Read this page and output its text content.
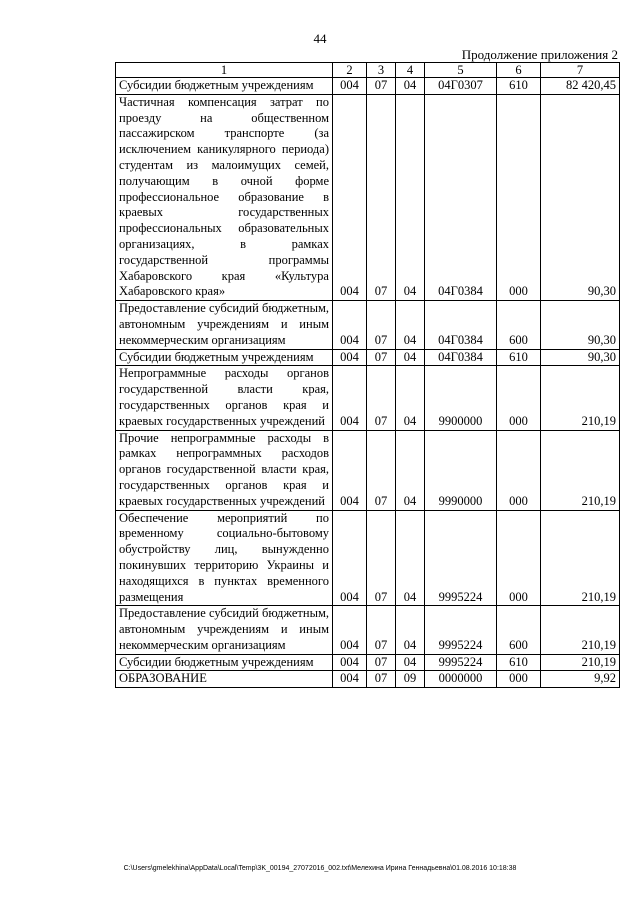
44
Продолжение приложения 2
1	2	3	4	5	6	7
Субсидии бюджетным учреждениям	004	07	04	04Г0307	610	82 420,45
Частичная компенсация затрат по проезду на общественном пассажирском транспорте (за исключением каникулярного периода) студентам из малоимущих семей, получающим в очной форме профессиональное образование в краевых государственных профессиональных образовательных организациях, в рамках государственной программы Хабаровского края «Культура Хабаровского края»	004	07	04	04Г0384	000	90,30
Предоставление субсидий бюджетным, автономным учреждениям и иным некоммерческим организациям	004	07	04	04Г0384	600	90,30
Субсидии бюджетным учреждениям	004	07	04	04Г0384	610	90,30
Непрограммные расходы органов государственной власти края, государственных органов края и краевых государственных учреждений	004	07	04	9900000	000	210,19
Прочие непрограммные расходы в рамках непрограммных расходов органов государственной власти края, государственных органов края и краевых государственных учреждений	004	07	04	9990000	000	210,19
Обеспечение мероприятий по временному социально-бытовому обустройству лиц, вынужденно покинувших территорию Украины и находящихся в пунктах временного размещения	004	07	04	9995224	000	210,19
Предоставление субсидий бюджетным, автономным учреждениям и иным некоммерческим организациям	004	07	04	9995224	600	210,19
Субсидии бюджетным учреждениям	004	07	04	9995224	610	210,19
ОБРАЗОВАНИЕ	004	07	09	0000000	000	9,92
C:\Users\gmelekhina\AppData\Local\Temp\3K_00194_27072016_002.txt\Мелехина Ирина Геннадьевна\01.08.2016 10:18:38
